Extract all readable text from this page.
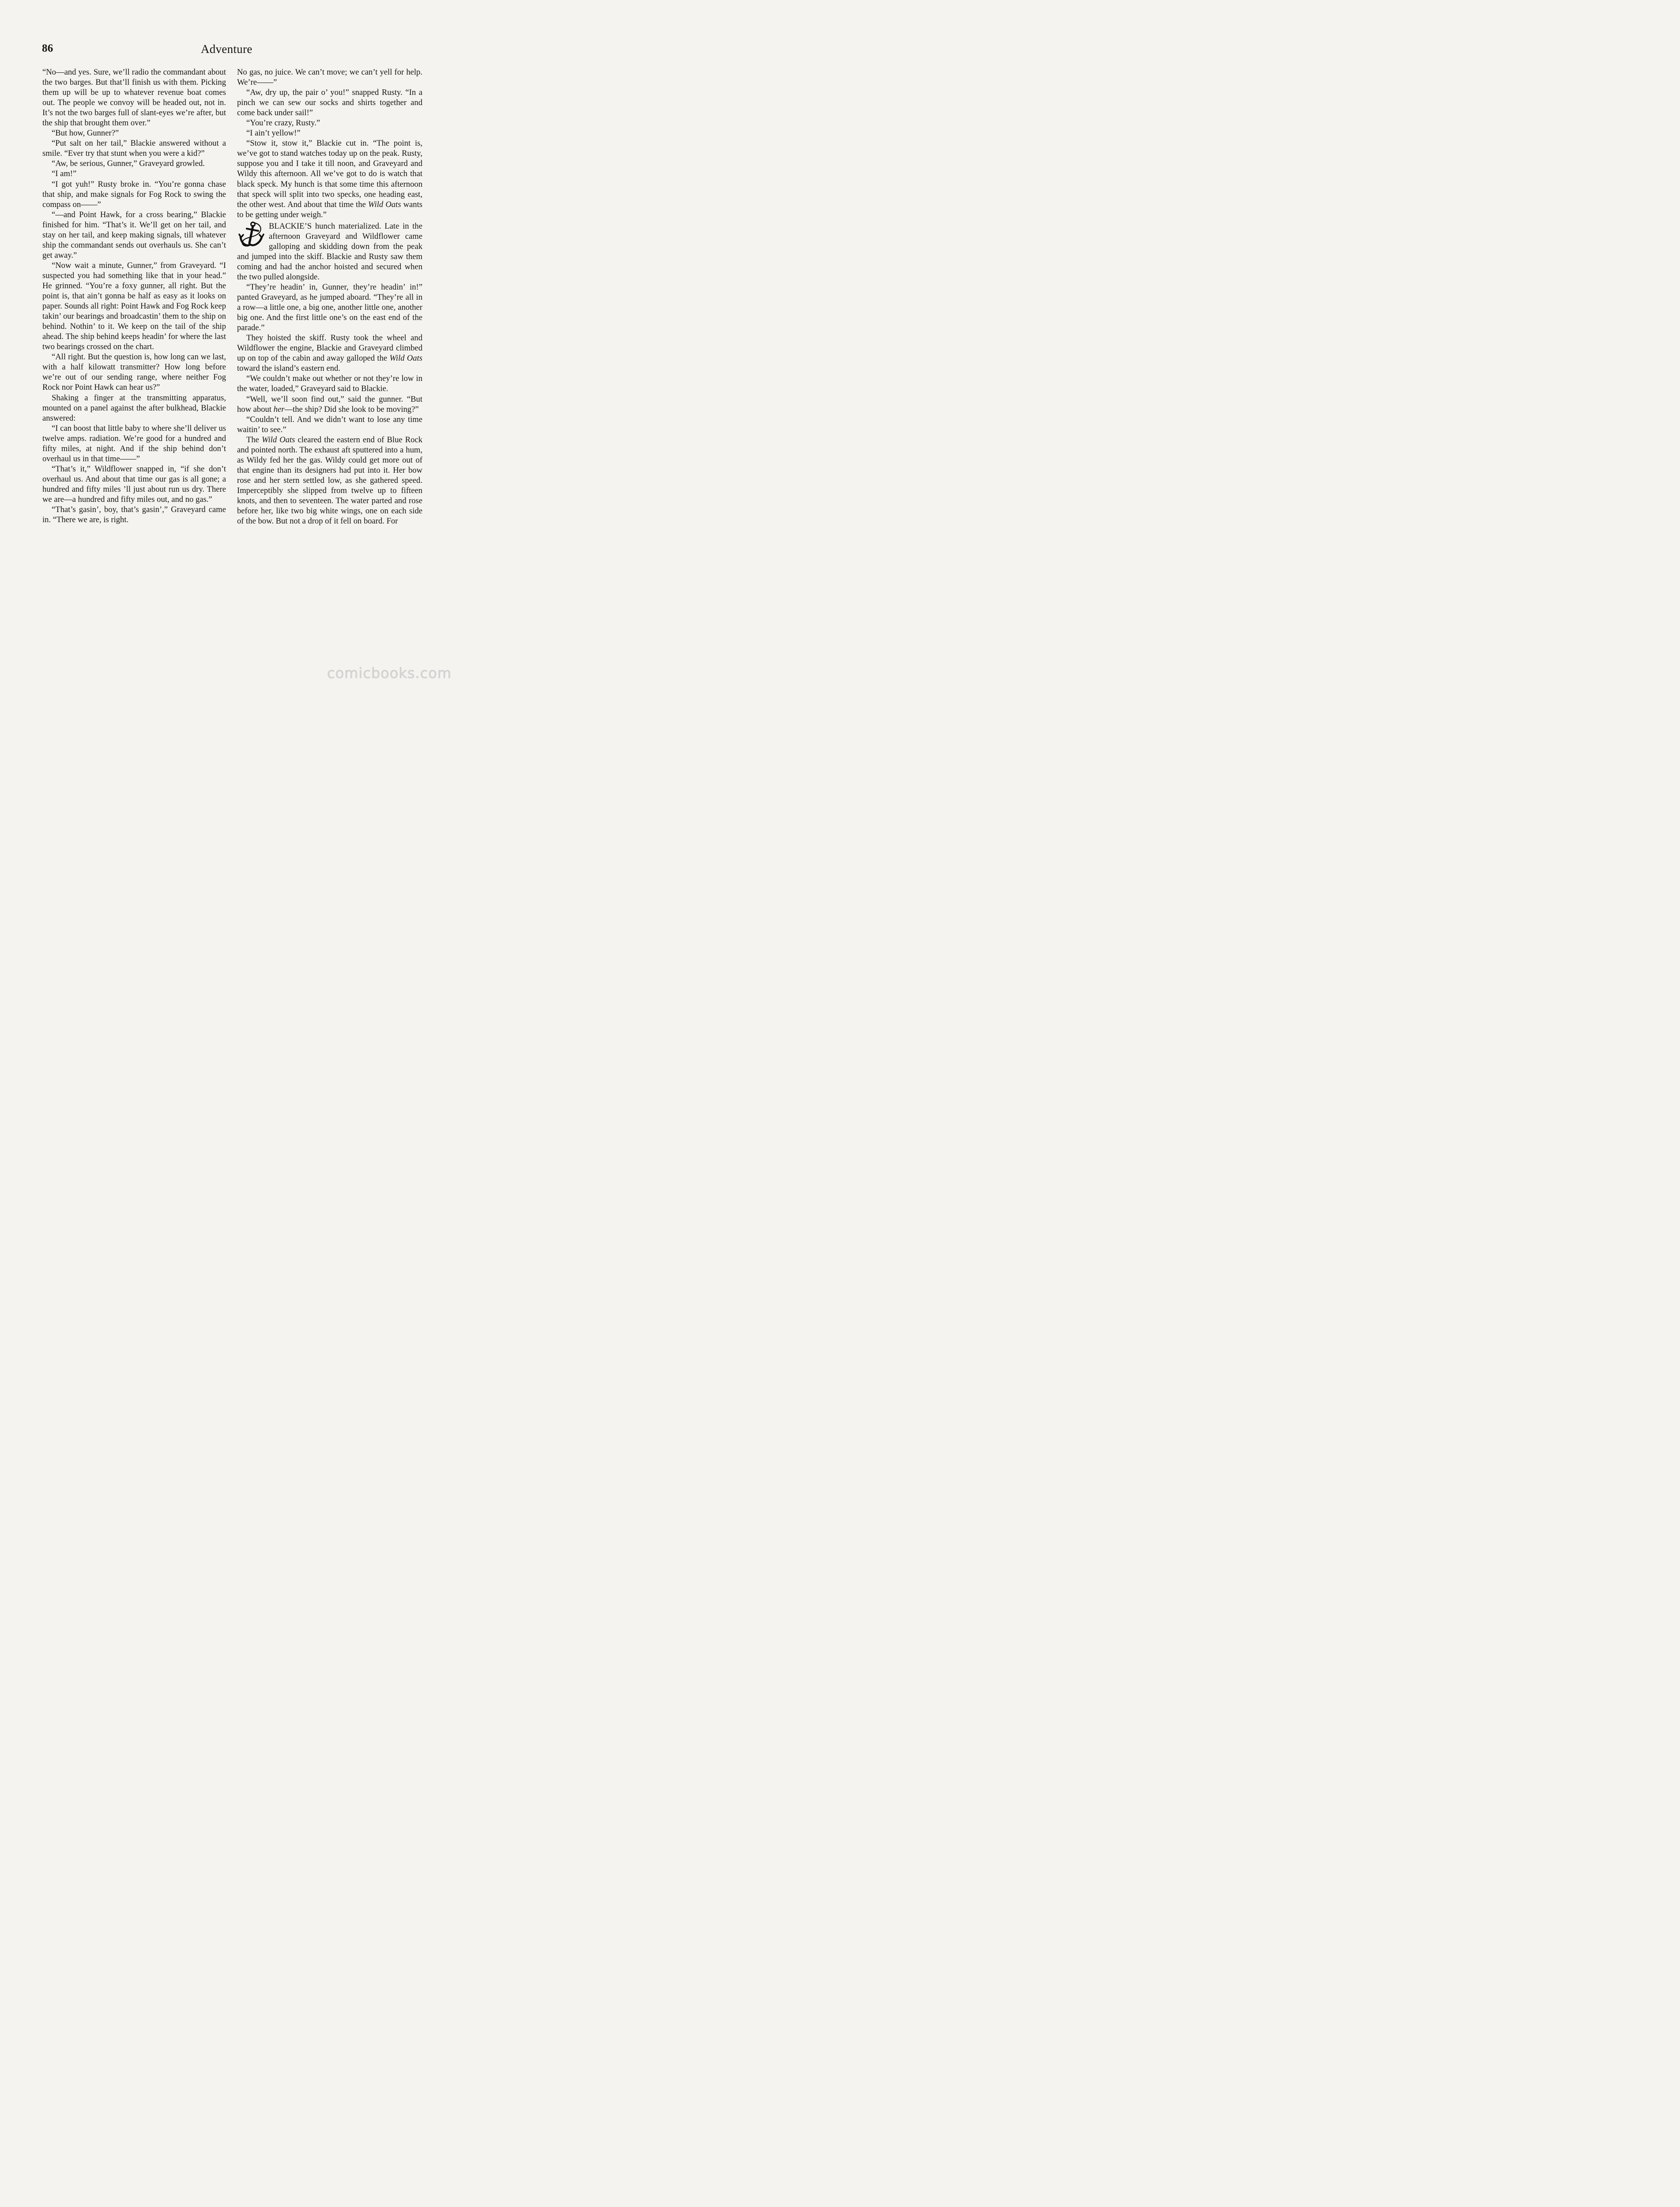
86	Adventure

“No—and yes. Sure, we’ll radio the commandant about the two barges. But that’ll finish us with them. Picking them up will be up to whatever revenue boat comes out. The people we convoy will be headed out, not in. It’s not the two barges full of slant-eyes we’re after, but the ship that brought them over.”

“But how, Gunner?”

“Put salt on her tail,” Blackie answered without a smile. “Ever try that stunt when you were a kid?”

“Aw, be serious, Gunner,” Graveyard growled.

“I am!”

“I got yuh!” Rusty broke in. “You’re gonna chase that ship, and make signals for Fog Rock to swing the compass on——”

“—and Point Hawk, for a cross bearing,” Blackie finished for him. “That’s it. We’ll get on her tail, and stay on her tail, and keep making signals, till whatever ship the commandant sends out overhauls us. She can’t get away.”

“Now wait a minute, Gunner,” from Graveyard. “I suspected you had something like that in your head.” He grinned. “You’re a foxy gunner, all right. But the point is, that ain’t gonna be half as easy as it looks on paper. Sounds all right: Point Hawk and Fog Rock keep takin’ our bearings and broadcastin’ them to the ship on behind. Nothin’ to it. We keep on the tail of the ship ahead. The ship behind keeps headin’ for where the last two bearings crossed on the chart.

“All right. But the question is, how long can we last, with a half kilowatt transmitter? How long before we’re out of our sending range, where neither Fog Rock nor Point Hawk can hear us?”

Shaking a finger at the transmitting apparatus, mounted on a panel against the after bulkhead, Blackie answered:

“I can boost that little baby to where she’ll deliver us twelve amps. radiation. We’re good for a hundred and fifty miles, at night. And if the ship behind don’t overhaul us in that time——”

“That’s it,” Wildflower snapped in, “if she don’t overhaul us. And about that time our gas is all gone; a hundred and fifty miles ’ll just about run us dry. There we are—a hundred and fifty miles out, and no gas.”

“That’s gasin’, boy, that’s gasin’,” Graveyard came in. “There we are, is right.

No gas, no juice. We can’t move; we can’t yell for help. We’re——”

“Aw, dry up, the pair o’ you!” snapped Rusty. “In a pinch we can sew our socks and shirts together and come back under sail!”

“You’re crazy, Rusty.”

“I ain’t yellow!”

“Stow it, stow it,” Blackie cut in. “The point is, we’ve got to stand watches today up on the peak. Rusty, suppose you and I take it till noon, and Graveyard and Wildy this afternoon. All we’ve got to do is watch that black speck. My hunch is that some time this afternoon that speck will split into two specks, one heading east, the other west. And about that time the Wild Oats wants to be getting under weigh.”

BLACKIE’S hunch materialized. Late in the afternoon Graveyard and Wildflower came galloping and skidding down from the peak and jumped into the skiff. Blackie and Rusty saw them coming and had the anchor hoisted and secured when the two pulled alongside.

“They’re headin’ in, Gunner, they’re headin’ in!” panted Graveyard, as he jumped aboard. “They’re all in a row—a little one, a big one, another little one, another big one. And the first little one’s on the east end of the parade.”

They hoisted the skiff. Rusty took the wheel and Wildflower the engine, Blackie and Graveyard climbed up on top of the cabin and away galloped the Wild Oats toward the island’s eastern end.

“We couldn’t make out whether or not they’re low in the water, loaded,” Graveyard said to Blackie.

“Well, we’ll soon find out,” said the gunner. “But how about her—the ship? Did she look to be moving?”

“Couldn’t tell. And we didn’t want to lose any time waitin’ to see.”

The Wild Oats cleared the eastern end of Blue Rock and pointed north. The exhaust aft sputtered into a hum, as Wildy fed her the gas. Wildy could get more out of that engine than its designers had put into it. Her bow rose and her stern settled low, as she gathered speed. Imperceptibly she slipped from twelve up to fifteen knots, and then to seventeen. The water parted and rose before her, like two big white wings, one on each side of the bow. But not a drop of it fell on board. For

comicbooks.com
